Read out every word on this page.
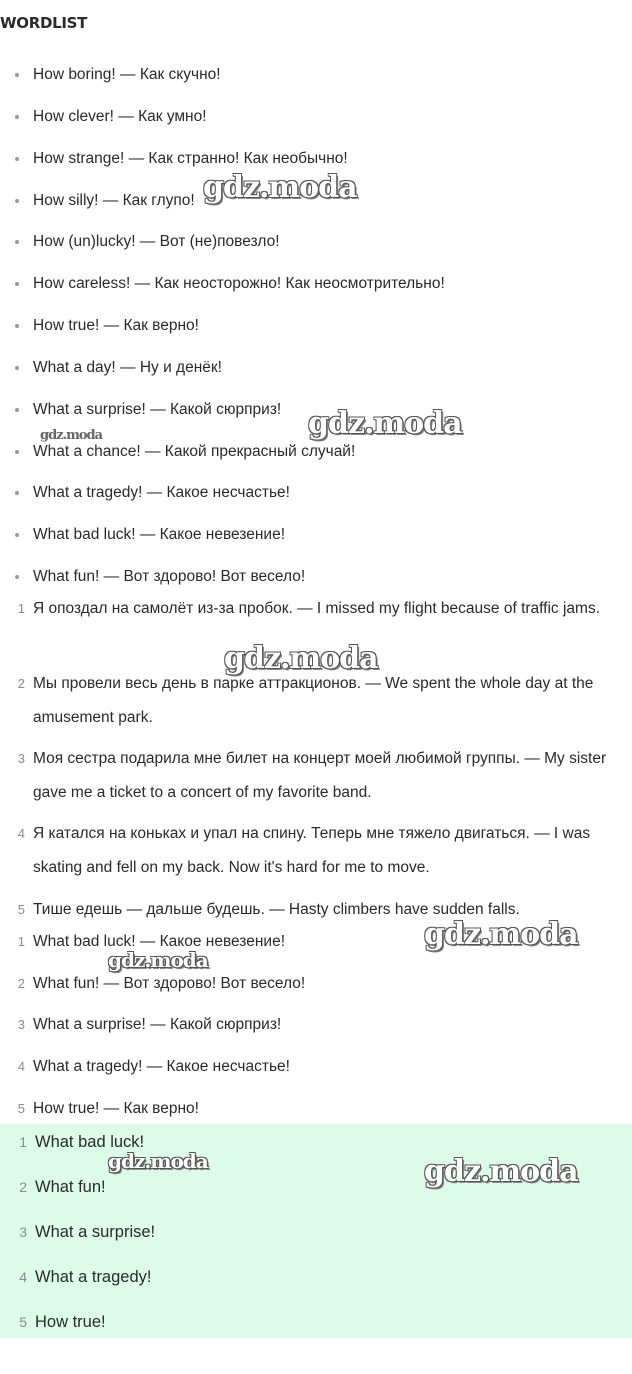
WORDLIST
How boring! — Как скучно!
How clever! — Как умно!
How strange! — Как странно! Как необычно!
How silly! — Как глупо!
How (un)lucky! — Вот (не)повезло!
How careless! — Как неосторожно! Как неосмотрительно!
How true! — Как верно!
What a day! — Ну и денёк!
What a surprise! — Какой сюрприз!
What a chance! — Какой прекрасный случай!
What a tragedy! — Какое несчастье!
What bad luck! — Какое невезение!
What fun! — Вот здорово! Вот весело!
1 Я опоздал на самолёт из-за пробок. — I missed my flight because of traffic jams.
2 Мы провели весь день в парке аттракционов. — We spent the whole day at the amusement park.
3 Моя сестра подарила мне билет на концерт моей любимой группы. — My sister gave me a ticket to a concert of my favorite band.
4 Я катался на коньках и упал на спину. Теперь мне тяжело двигаться. — I was skating and fell on my back. Now it's hard for me to move.
5 Тише едешь — дальше будешь. — Hasty climbers have sudden falls.
1 What bad luck! — Какое невезение!
2 What fun! — Вот здорово! Вот весело!
3 What a surprise! — Какой сюрприз!
4 What a tragedy! — Какое несчастье!
5 How true! — Как верно!
1 What bad luck!
2 What fun!
3 What a surprise!
4 What a tragedy!
5 How true!
gdz.moda
gdz.moda
gdz.moda
gdz.moda
gdz.moda
gdz.moda
gdz.moda	gdz.moda
